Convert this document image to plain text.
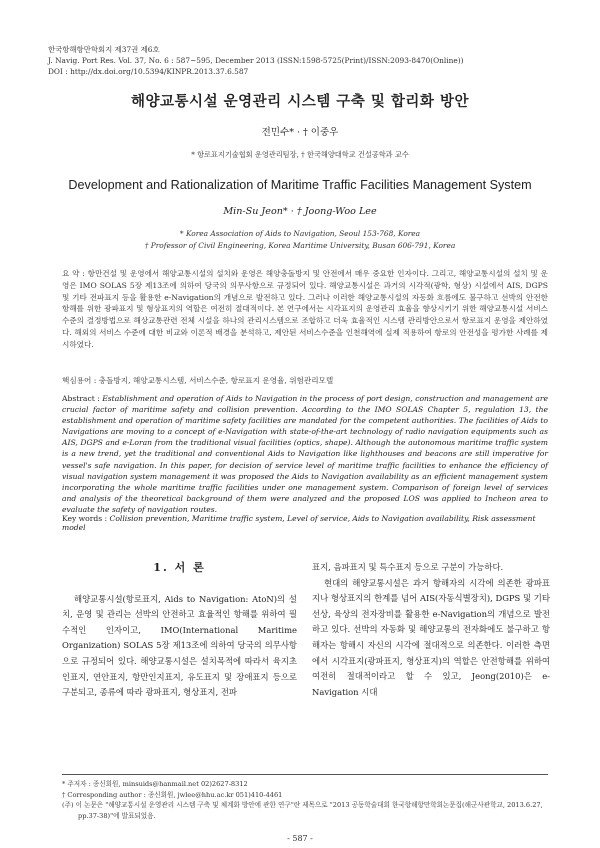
한국항해항만학회지 제37권 제6호
J. Navig. Port Res. Vol. 37, No. 6 : 587~595, December 2013 (ISSN:1598-5725(Print)/ISSN:2093-8470(Online))
DOI : http://dx.doi.org/10.5394/KINPR.2013.37.6.587
해양교통시설 운영관리 시스템 구축 및 합리화 방안
전민수* · † 이중우
* 항로표지기술협회 운영관리팀장, † 한국해양대학교 건설공학과 교수
Development and Rationalization of Maritime Traffic Facilities Management System
Min-Su Jeon* · † Joong-Woo Lee
* Korea Association of Aids to Navigation, Seoul 153-768, Korea
† Professor of Civil Engineering, Korea Maritime University, Busan 606-791, Korea
요 약 : 항만건설 및 운영에서 해양교통시설의 설치와 운영은 해양충돌방지 및 안전에서 매우 중요한 인자이다. 그리고, 해양교통시설의 설치 및 운영은 IMO SOLAS 5장 제13조에 의하여 당국의 의무사항으로 규정되어 있다. 해양교통시설은 과거의 시각적(광학, 형상) 시설에서 AIS, DGPS 및 기타 전파표지 등을 활용한 e-Navigation의 개념으로 발전하고 있다. 그러나 이러한 해양교통시설의 자동화 흐름에도 불구하고 선박의 안전한 항해를 위한 광파표지 및 형상표지의 역할은 여전히 절대적이다. 본 연구에서는 시각표지의 운영관리 효율을 향상시키기 위한 해양교통시설 서비스수준의 결정방법으로 해상교통관련 전체 시설을 하나의 관리시스템으로 조합하고 더욱 효율적인 시스템 관리방안으로서 항로표지 운영을 제안하였다. 해외의 서비스 수준에 대한 비교와 이론적 배경을 분석하고, 제안된 서비스수준을 인천해역에 실제 적용하여 항로의 안전성을 평가한 사례를 제시하였다.
핵심용어 : 충돌방지, 해양교통시스템, 서비스수준, 항로표지 운영율, 위험관리모델
Abstract : Establishment and operation of Aids to Navigation in the process of port design, construction and management are crucial factor of maritime safety and collision prevention. According to the IMO SOLAS Chapter 5, regulation 13, the establishment and operation of maritime safety facilities are mandated for the competent authorities. The facilities of Aids to Navigations are moving to a concept of e-Navigation with state-of-the-art technology of radio navigation equipments such as AIS, DGPS and e-Loran from the traditional visual facilities (optics, shape). Although the autonomous maritime traffic system is a new trend, yet the traditional and conventional Aids to Navigation like lighthouses and beacons are still imperative for vessel's safe navigation. In this paper, for decision of service level of maritime traffic facilities to enhance the efficiency of visual navigation system management it was proposed the Aids to Navigation availability as an efficient management system incorporating the whole maritime traffic facilities under one management system. Comparison of foreign level of services and analysis of the theoretical background of them were analyzed and the proposed LOS was applied to Incheon area to evaluate the safety of navigation routes.
Key words : Collision prevention, Maritime traffic system, Level of service, Aids to Navigation availability, Risk assessment model
1. 서 론

해양교통시설(항로표지, Aids to Navigation: AtoN)의 설치, 운영 및 관리는 선박의 안전하고 효율적인 항해를 위하여 필수적인 인자이고, IMO(International Maritime Organization) SOLAS 5장 제13조에 의하여 당국의 의무사항으로 규정되어 있다. 해양교통시설은 설치목적에 따라서 육지초인표지, 연안표지, 항만인지표지, 유도표지 및 장애표지 등으로 구분되고, 종류에 따라 광파표지, 형상표지, 전파

표지, 음파표지 및 특수표지 등으로 구분이 가능하다.

현대의 해양교통시설은 과거 항해자의 시각에 의존한 광파표지나 형상표지의 한계를 넘어 AIS(자동식별장치), DGPS 및 기타 선상, 육상의 전자장비를 활용한 e-Navigation의 개념으로 발전하고 있다. 선박의 자동화 및 해양교통의 전자화에도 불구하고 항해자는 항해시 자신의 시각에 절대적으로 의존한다. 이러한 측면에서 시각표지(광파표지, 형상표지)의 역할은 안전항해를 위하여 여전히 절대적이라고 할 수 있고, Jeong(2010)은 e-Navigation 시대

* 주저자 : 종신회원, minsuids@hanmail.net 02)2627-8312
† Corresponding author : 종신회원, jwlee@hhu.ac.kr 051)410-4461
(주) 이 논문은 "해양교통시설 운영관리 시스템 구축 및 체계화 방안에 관한 연구"란 제목으로 "2013 공동학술대회 한국항해항만학회논문집(해군사관학교, 2013.6.27, pp.37-38)"에 발표되었음.
- 587 -
